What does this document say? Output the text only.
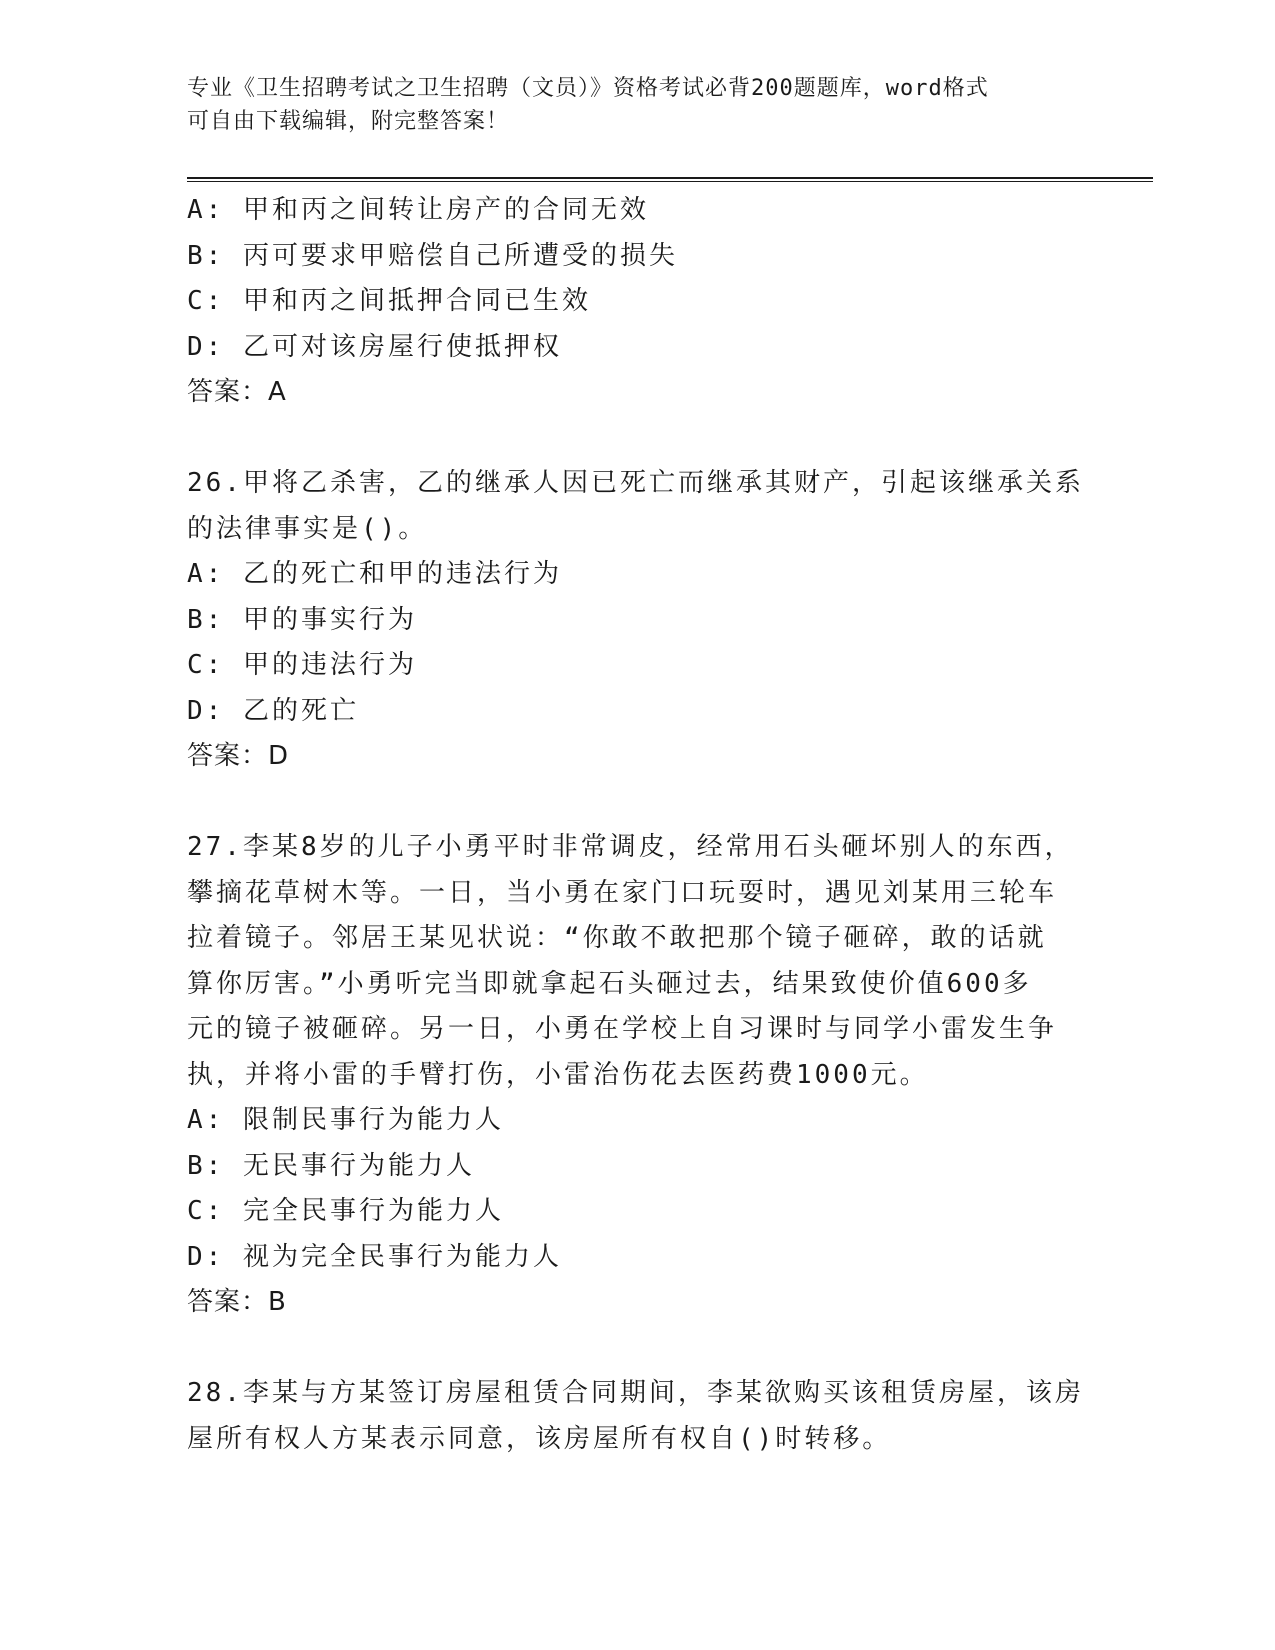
专业《卫生招聘考试之卫生招聘（文员）》资格考试必背200题题库，word格式
可自由下载编辑，附完整答案！
A: 甲和丙之间转让房产的合同无效
B: 丙可要求甲赔偿自己所遭受的损失
C: 甲和丙之间抵押合同已生效
D: 乙可对该房屋行使抵押权
答案：A
26.甲将乙杀害，乙的继承人因已死亡而继承其财产，引起该继承关系
的法律事实是()。
A: 乙的死亡和甲的违法行为
B: 甲的事实行为
C: 甲的违法行为
D: 乙的死亡
答案：D
27.李某8岁的儿子小勇平时非常调皮，经常用石头砸坏别人的东西，
攀摘花草树木等。一日，当小勇在家门口玩耍时，遇见刘某用三轮车
拉着镜子。邻居王某见状说：“你敢不敢把那个镜子砸碎，敢的话就
算你厉害。”小勇听完当即就拿起石头砸过去，结果致使价值600多
元的镜子被砸碎。另一日，小勇在学校上自习课时与同学小雷发生争
执，并将小雷的手臂打伤，小雷治伤花去医药费1000元。
A: 限制民事行为能力人
B: 无民事行为能力人
C: 完全民事行为能力人
D: 视为完全民事行为能力人
答案：B
28.李某与方某签订房屋租赁合同期间，李某欲购买该租赁房屋，该房
屋所有权人方某表示同意，该房屋所有权自()时转移。
